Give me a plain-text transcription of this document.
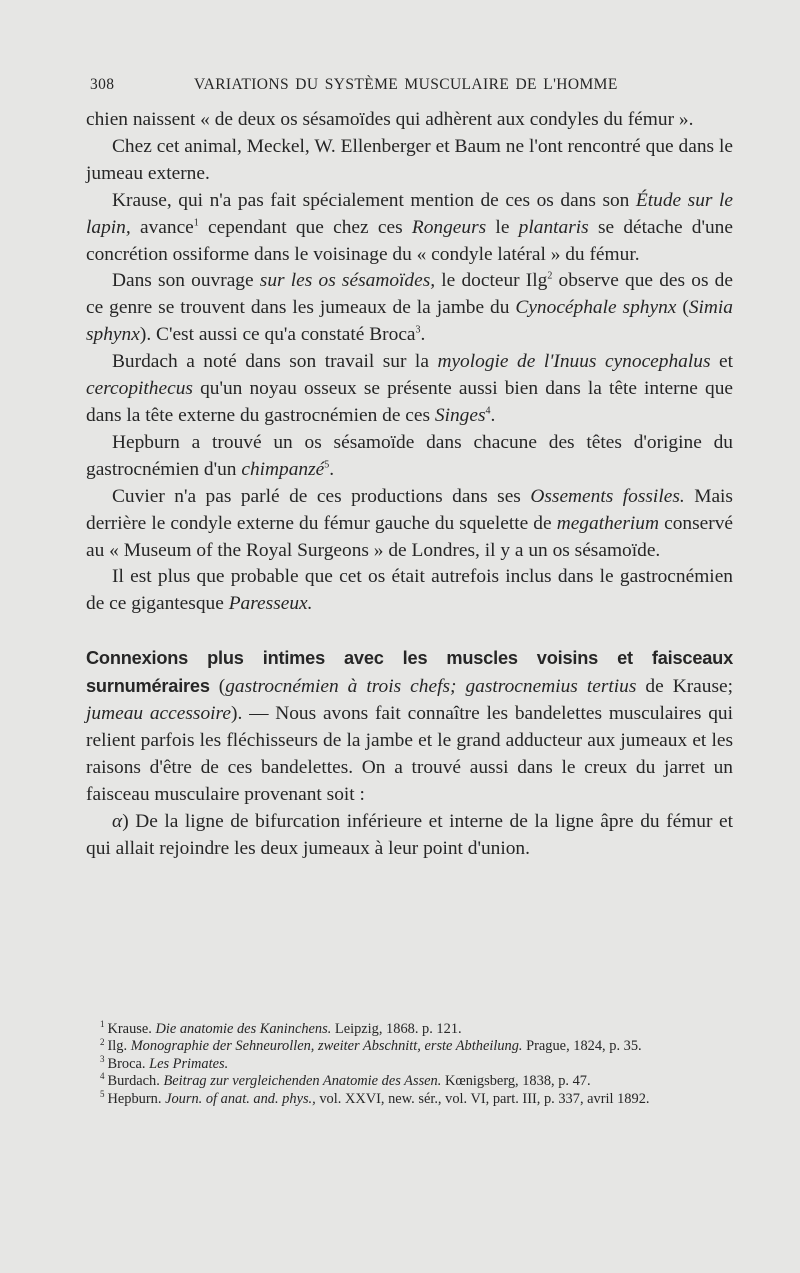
308	VARIATIONS DU SYSTÈME MUSCULAIRE DE L'HOMME

chien naissent « de deux os sésamoïdes qui adhèrent aux condyles du fémur ».

Chez cet animal, Meckel, W. Ellenberger et Baum ne l'ont rencontré que dans le jumeau externe.

Krause, qui n'a pas fait spécialement mention de ces os dans son Étude sur le lapin, avance$^1$ cependant que chez ces Rongeurs le plantaris se détache d'une concrétion ossiforme dans le voisinage du « condyle latéral » du fémur.

Dans son ouvrage sur les os sésamoïdes, le docteur Ilg$^2$ observe que des os de ce genre se trouvent dans les jumeaux de la jambe du Cynocéphale sphynx (Simia sphynx). C'est aussi ce qu'a constaté Broca$^3$.

Burdach a noté dans son travail sur la myologie de l'Inuus cynocephalus et cercopithecus qu'un noyau osseux se présente aussi bien dans la tête interne que dans la tête externe du gastrocnémien de ces Singes$^4$.

Hepburn a trouvé un os sésamoïde dans chacune des têtes d'origine du gastrocnémien d'un chimpanzé$^5$.

Cuvier n'a pas parlé de ces productions dans ses Ossements fossiles. Mais derrière le condyle externe du fémur gauche du squelette de megatherium conservé au « Museum of the Royal Surgeons » de Londres, il y a un os sésamoïde.

Il est plus que probable que cet os était autrefois inclus dans le gastrocnémien de ce gigantesque Paresseux.

Connexions plus intimes avec les muscles voisins et faisceaux surnuméraires (gastrocnémien à trois chefs; gastrocnemius tertius de Krause; jumeau accessoire). — Nous avons fait connaître les bandelettes musculaires qui relient parfois les fléchisseurs de la jambe et le grand adducteur aux jumeaux et les raisons d'être de ces bandelettes. On a trouvé aussi dans le creux du jarret un faisceau musculaire provenant soit :

α) De la ligne de bifurcation inférieure et interne de la ligne âpre du fémur et qui allait rejoindre les deux jumeaux à leur point d'union.

$^1$ Krause. Die anatomie des Kaninchens. Leipzig, 1868. p. 121.

$^2$ Ilg. Monographie der Sehneurollen, zweiter Abschnitt, erste Abtheilung. Prague, 1824, p. 35.

$^3$ Broca. Les Primates.

$^4$ Burdach. Beitrag zur vergleichenden Anatomie des Assen. Kœnigsberg, 1838, p. 47.

$^5$ Hepburn. Journ. of anat. and. phys., vol. XXVI, new. sér., vol. VI, part. III, p. 337, avril 1892.
